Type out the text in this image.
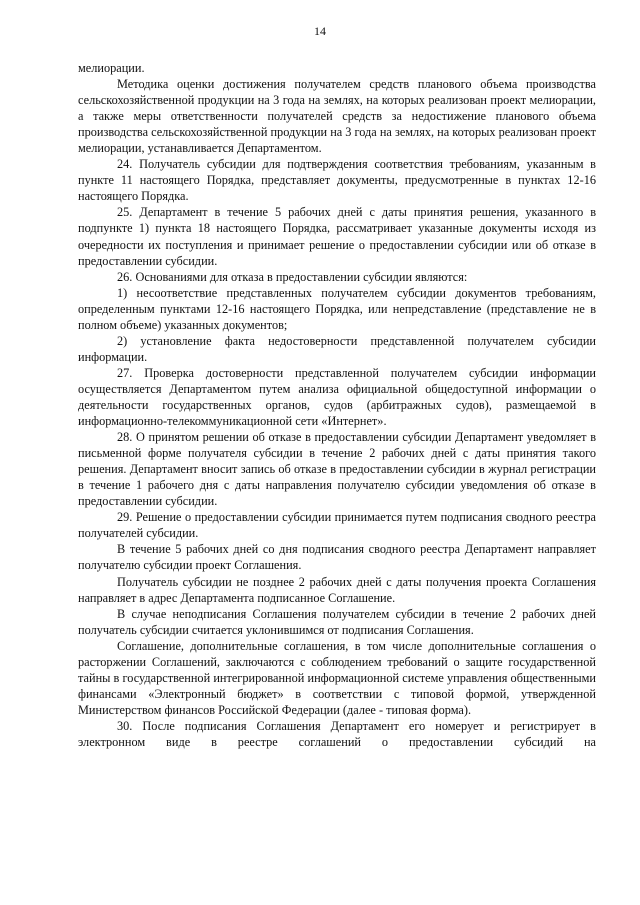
14

мелиорации.

Методика оценки достижения получателем средств планового объема производства сельскохозяйственной продукции на 3 года на землях, на которых реализован проект мелиорации, а также меры ответственности получателей средств за недостижение планового объема производства сельскохозяйственной продукции на 3 года на землях, на которых реализован проект мелиорации, устанавливается Департаментом.

24. Получатель субсидии для подтверждения соответствия требованиям, указанным в пункте 11 настоящего Порядка, представляет документы, предусмотренные в пунктах 12-16 настоящего Порядка.

25. Департамент в течение 5 рабочих дней с даты принятия решения, указанного в подпункте 1) пункта 18 настоящего Порядка, рассматривает указанные документы исходя из очередности их поступления и принимает решение о предоставлении субсидии или об отказе в предоставлении субсидии.

26. Основаниями для отказа в предоставлении субсидии являются:

1) несоответствие представленных получателем субсидии документов требованиям, определенным пунктами 12-16 настоящего Порядка, или непредставление (представление не в полном объеме) указанных документов;

2) установление факта недостоверности представленной получателем субсидии информации.

27. Проверка достоверности представленной получателем субсидии информации осуществляется Департаментом путем анализа официальной общедоступной информации о деятельности государственных органов, судов (арбитражных судов), размещаемой в информационно-телекоммуникационной сети «Интернет».

28. О принятом решении об отказе в предоставлении субсидии Департамент уведомляет в письменной форме получателя субсидии в течение 2 рабочих дней с даты принятия такого решения. Департамент вносит запись об отказе в предоставлении субсидии в журнал регистрации в течение 1 рабочего дня с даты направления получателю субсидии уведомления об отказе в предоставлении субсидии.

29. Решение о предоставлении субсидии принимается путем подписания сводного реестра получателей субсидии.

В течение 5 рабочих дней со дня подписания сводного реестра Департамент направляет получателю субсидии проект Соглашения.

Получатель субсидии не позднее 2 рабочих дней с даты получения проекта Соглашения направляет в адрес Департамента подписанное Соглашение.

В случае неподписания Соглашения получателем субсидии в течение 2 рабочих дней получатель субсидии считается уклонившимся от подписания Соглашения.

Соглашение, дополнительные соглашения, в том числе дополнительные соглашения о расторжении Соглашений, заключаются с соблюдением требований о защите государственной тайны в государственной интегрированной информационной системе управления общественными финансами «Электронный бюджет» в соответствии с типовой формой, утвержденной Министерством финансов Российской Федерации (далее - типовая форма).

30. После подписания Соглашения Департамент его номерует и регистрирует в электронном виде в реестре соглашений о предоставлении субсидий на
